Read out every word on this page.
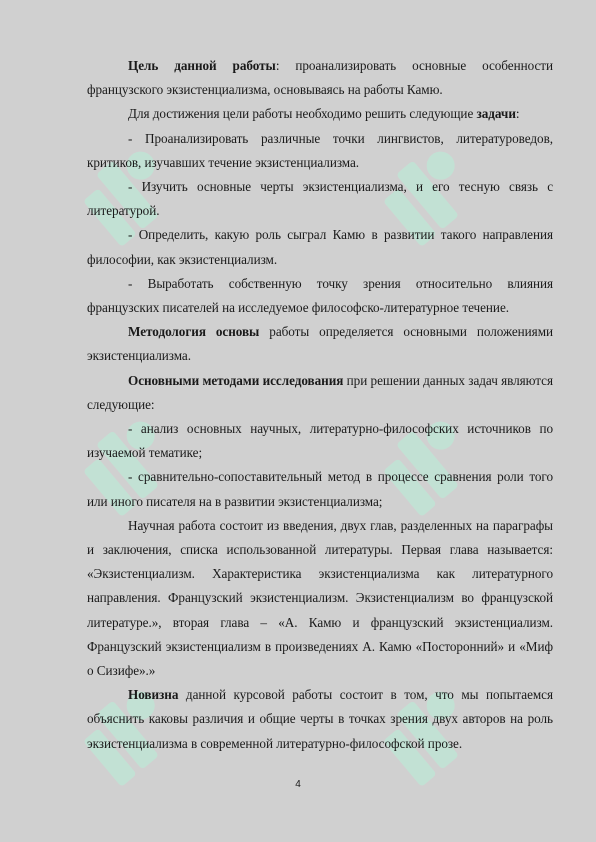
Цель данной работы: проанализировать основные особенности французского экзистенциализма, основываясь на работы Камю.

Для достижения цели работы необходимо решить следующие задачи:

- Проанализировать различные точки лингвистов, литературоведов, критиков, изучавших течение экзистенциализма.

- Изучить основные черты экзистенциализма, и его тесную связь с литературой.

- Определить, какую роль сыграл Камю в развитии такого направления философии, как экзистенциализм.

- Выработать собственную точку зрения относительно влияния французских писателей на исследуемое философско-литературное течение.

Методология основы работы определяется основными положениями экзистенциализма.

Основными методами исследования при решении данных задач являются следующие:

- анализ основных научных, литературно-философских источников по изучаемой тематике;

- сравнительно-сопоставительный метод в процессе сравнения роли того или иного писателя на в развитии экзистенциализма;

Научная работа состоит из введения, двух глав, разделенных на параграфы и заключения, списка использованной литературы. Первая глава называется: «Экзистенциализм. Характеристика экзистенциализма как литературного направления. Французский экзистенциализм. Экзистенциализм во французской литературе.», вторая глава – «А. Камю и французский экзистенциализм. Французский экзистенциализм в произведениях А. Камю «Посторонний» и «Миф о Сизифе».»

Новизна данной курсовой работы состоит в том, что мы попытаемся объяснить каковы различия и общие черты в точках зрения двух авторов на роль экзистенциализма в современной литературно-философской прозе.

4
